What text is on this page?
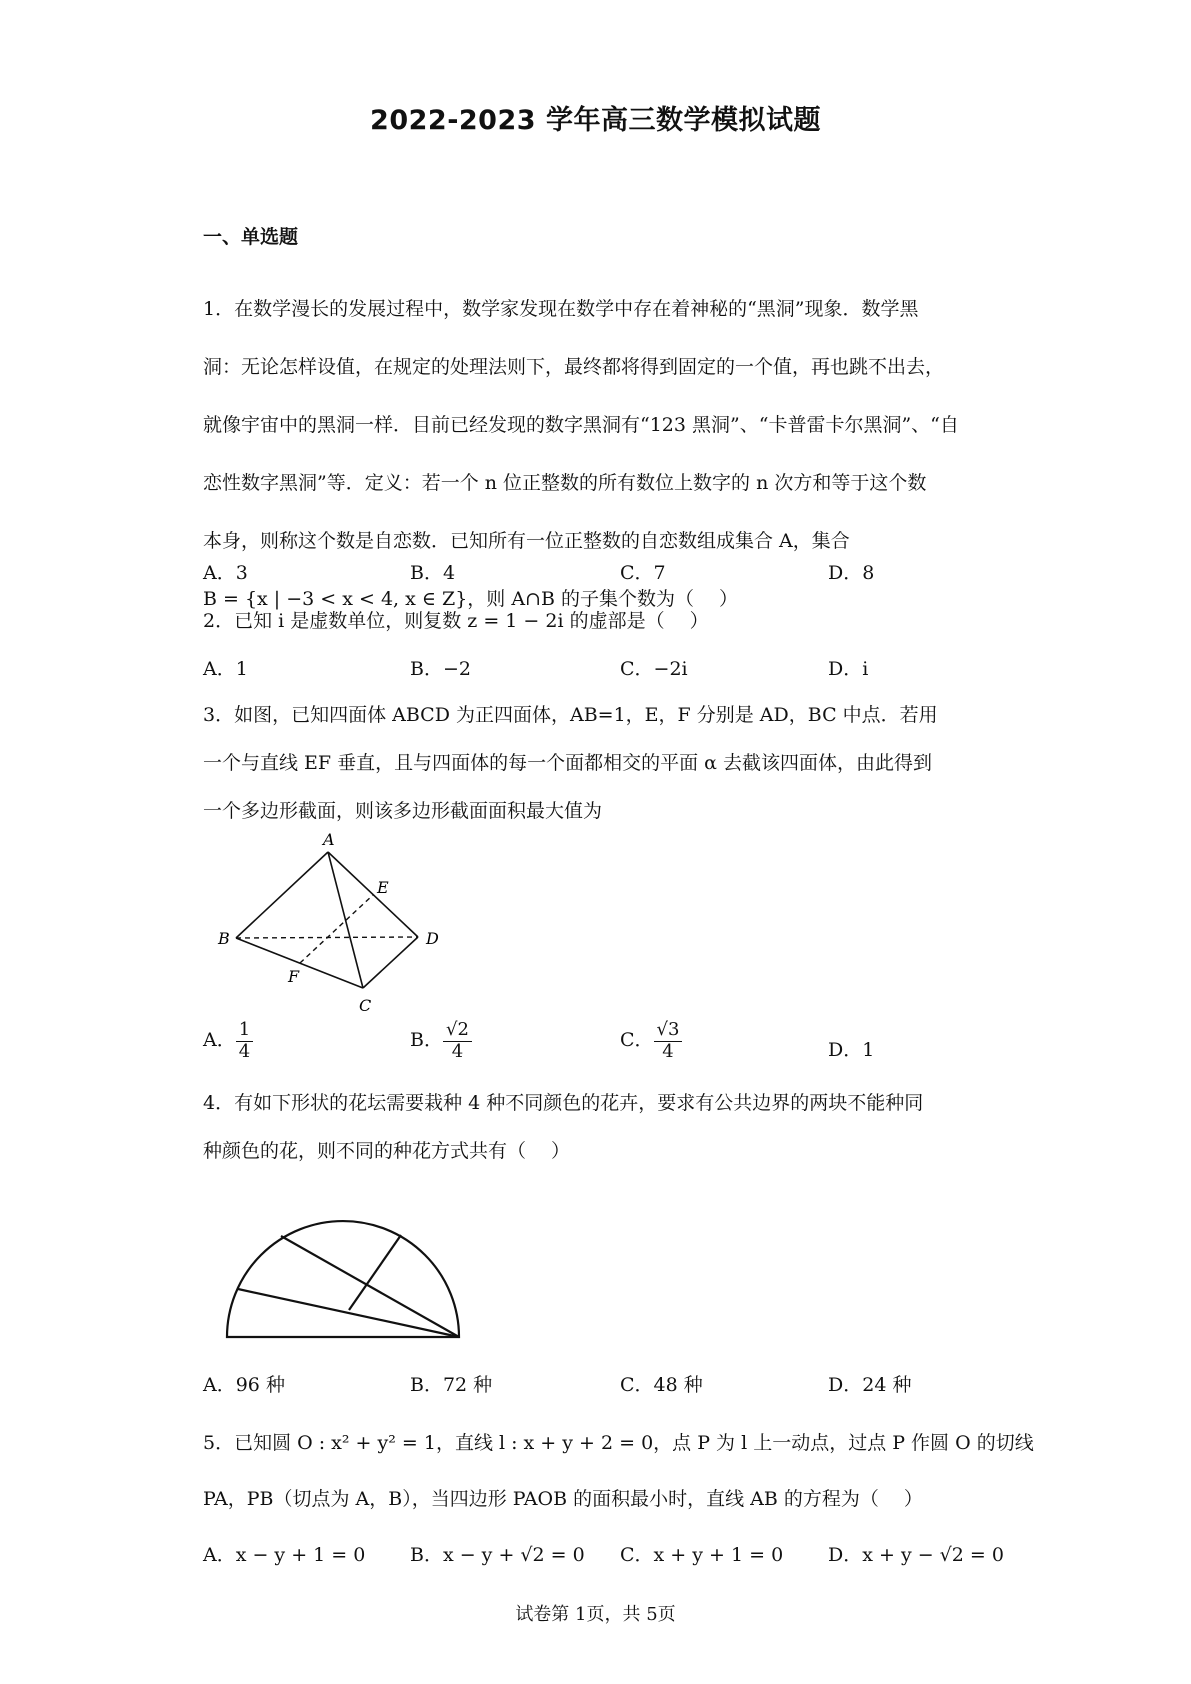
2022-2023 学年高三数学模拟试题
一、单选题
1．在数学漫长的发展过程中，数学家发现在数学中存在着神秘的“黑洞”现象．数学黑
洞：无论怎样设值，在规定的处理法则下，最终都将得到固定的一个值，再也跳不出去，
就像宇宙中的黑洞一样．目前已经发现的数字黑洞有“123 黑洞”、“卡普雷卡尔黑洞”、“自
恋性数字黑洞”等．定义：若一个 n 位正整数的所有数位上数字的 n 次方和等于这个数
本身，则称这个数是自恋数．已知所有一位正整数的自恋数组成集合 A，集合
B = {x | −3 < x < 4, x ∈ Z}，则 A∩B 的子集个数为（　 ）
A．3	B．4	C．7	D．8
2．已知 i 是虚数单位，则复数 z = 1 − 2i 的虚部是（　 ）
A．1	B．−2	C．−2i	D．i
3．如图，已知四面体 ABCD 为正四面体，AB=1，E，F 分别是 AD，BC 中点．若用
一个与直线 EF 垂直，且与四面体的每一个面都相交的平面 α 去截该四面体，由此得到
一个多边形截面，则该多边形截面面积最大值为
A
B
C
D
E
F
A． $\frac{1}{4}$	B． $\frac{√2}{4}$	C． $\frac{√3}{4}$	D．1
4．有如下形状的花坛需要栽种 4 种不同颜色的花卉，要求有公共边界的两块不能种同
种颜色的花，则不同的种花方式共有（　 ）
A．96 种	B．72 种	C．48 种	D．24 种
5．已知圆 O : x² + y² = 1，直线 l : x + y + 2 = 0，点 P 为 l 上一动点，过点 P 作圆 O 的切线
PA，PB（切点为 A，B），当四边形 PAOB 的面积最小时，直线 AB 的方程为（　 ）
A．x − y + 1 = 0 B．x − y + √2 = 0 C．x + y + 1 = 0 D．x + y − √2 = 0
试卷第 1页，共 5页
